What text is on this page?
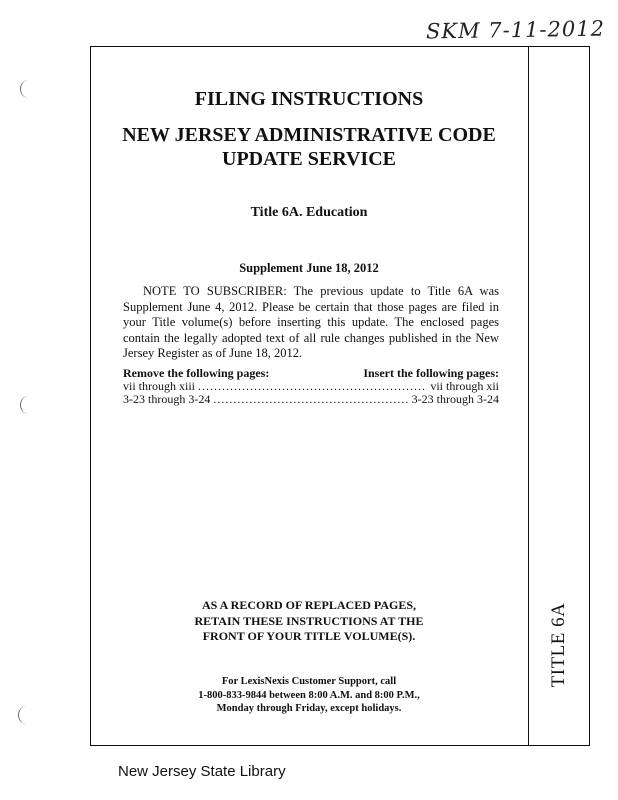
SKM 7-11-2012
TITLE 6A
FILING INSTRUCTIONS
NEW JERSEY ADMINISTRATIVE CODE
UPDATE SERVICE
Title 6A. Education
Supplement June 18, 2012
NOTE TO SUBSCRIBER: The previous update to Title 6A was Supplement June 4, 2012. Please be certain that those pages are filed in your Title volume(s) before inserting this update. The enclosed pages contain the legally adopted text of all rule changes published in the New Jersey Register as of June 18, 2012.
Remove the following pages:	Insert the following pages:
vii through xiii .....	vii through xii
3-23 through 3-24 .....	3-23 through 3-24
AS A RECORD OF REPLACED PAGES,
RETAIN THESE INSTRUCTIONS AT THE
FRONT OF YOUR TITLE VOLUME(S).
For LexisNexis Customer Support, call
1-800-833-9844 between 8:00 A.M. and 8:00 P.M.,
Monday through Friday, except holidays.
New Jersey State Library
